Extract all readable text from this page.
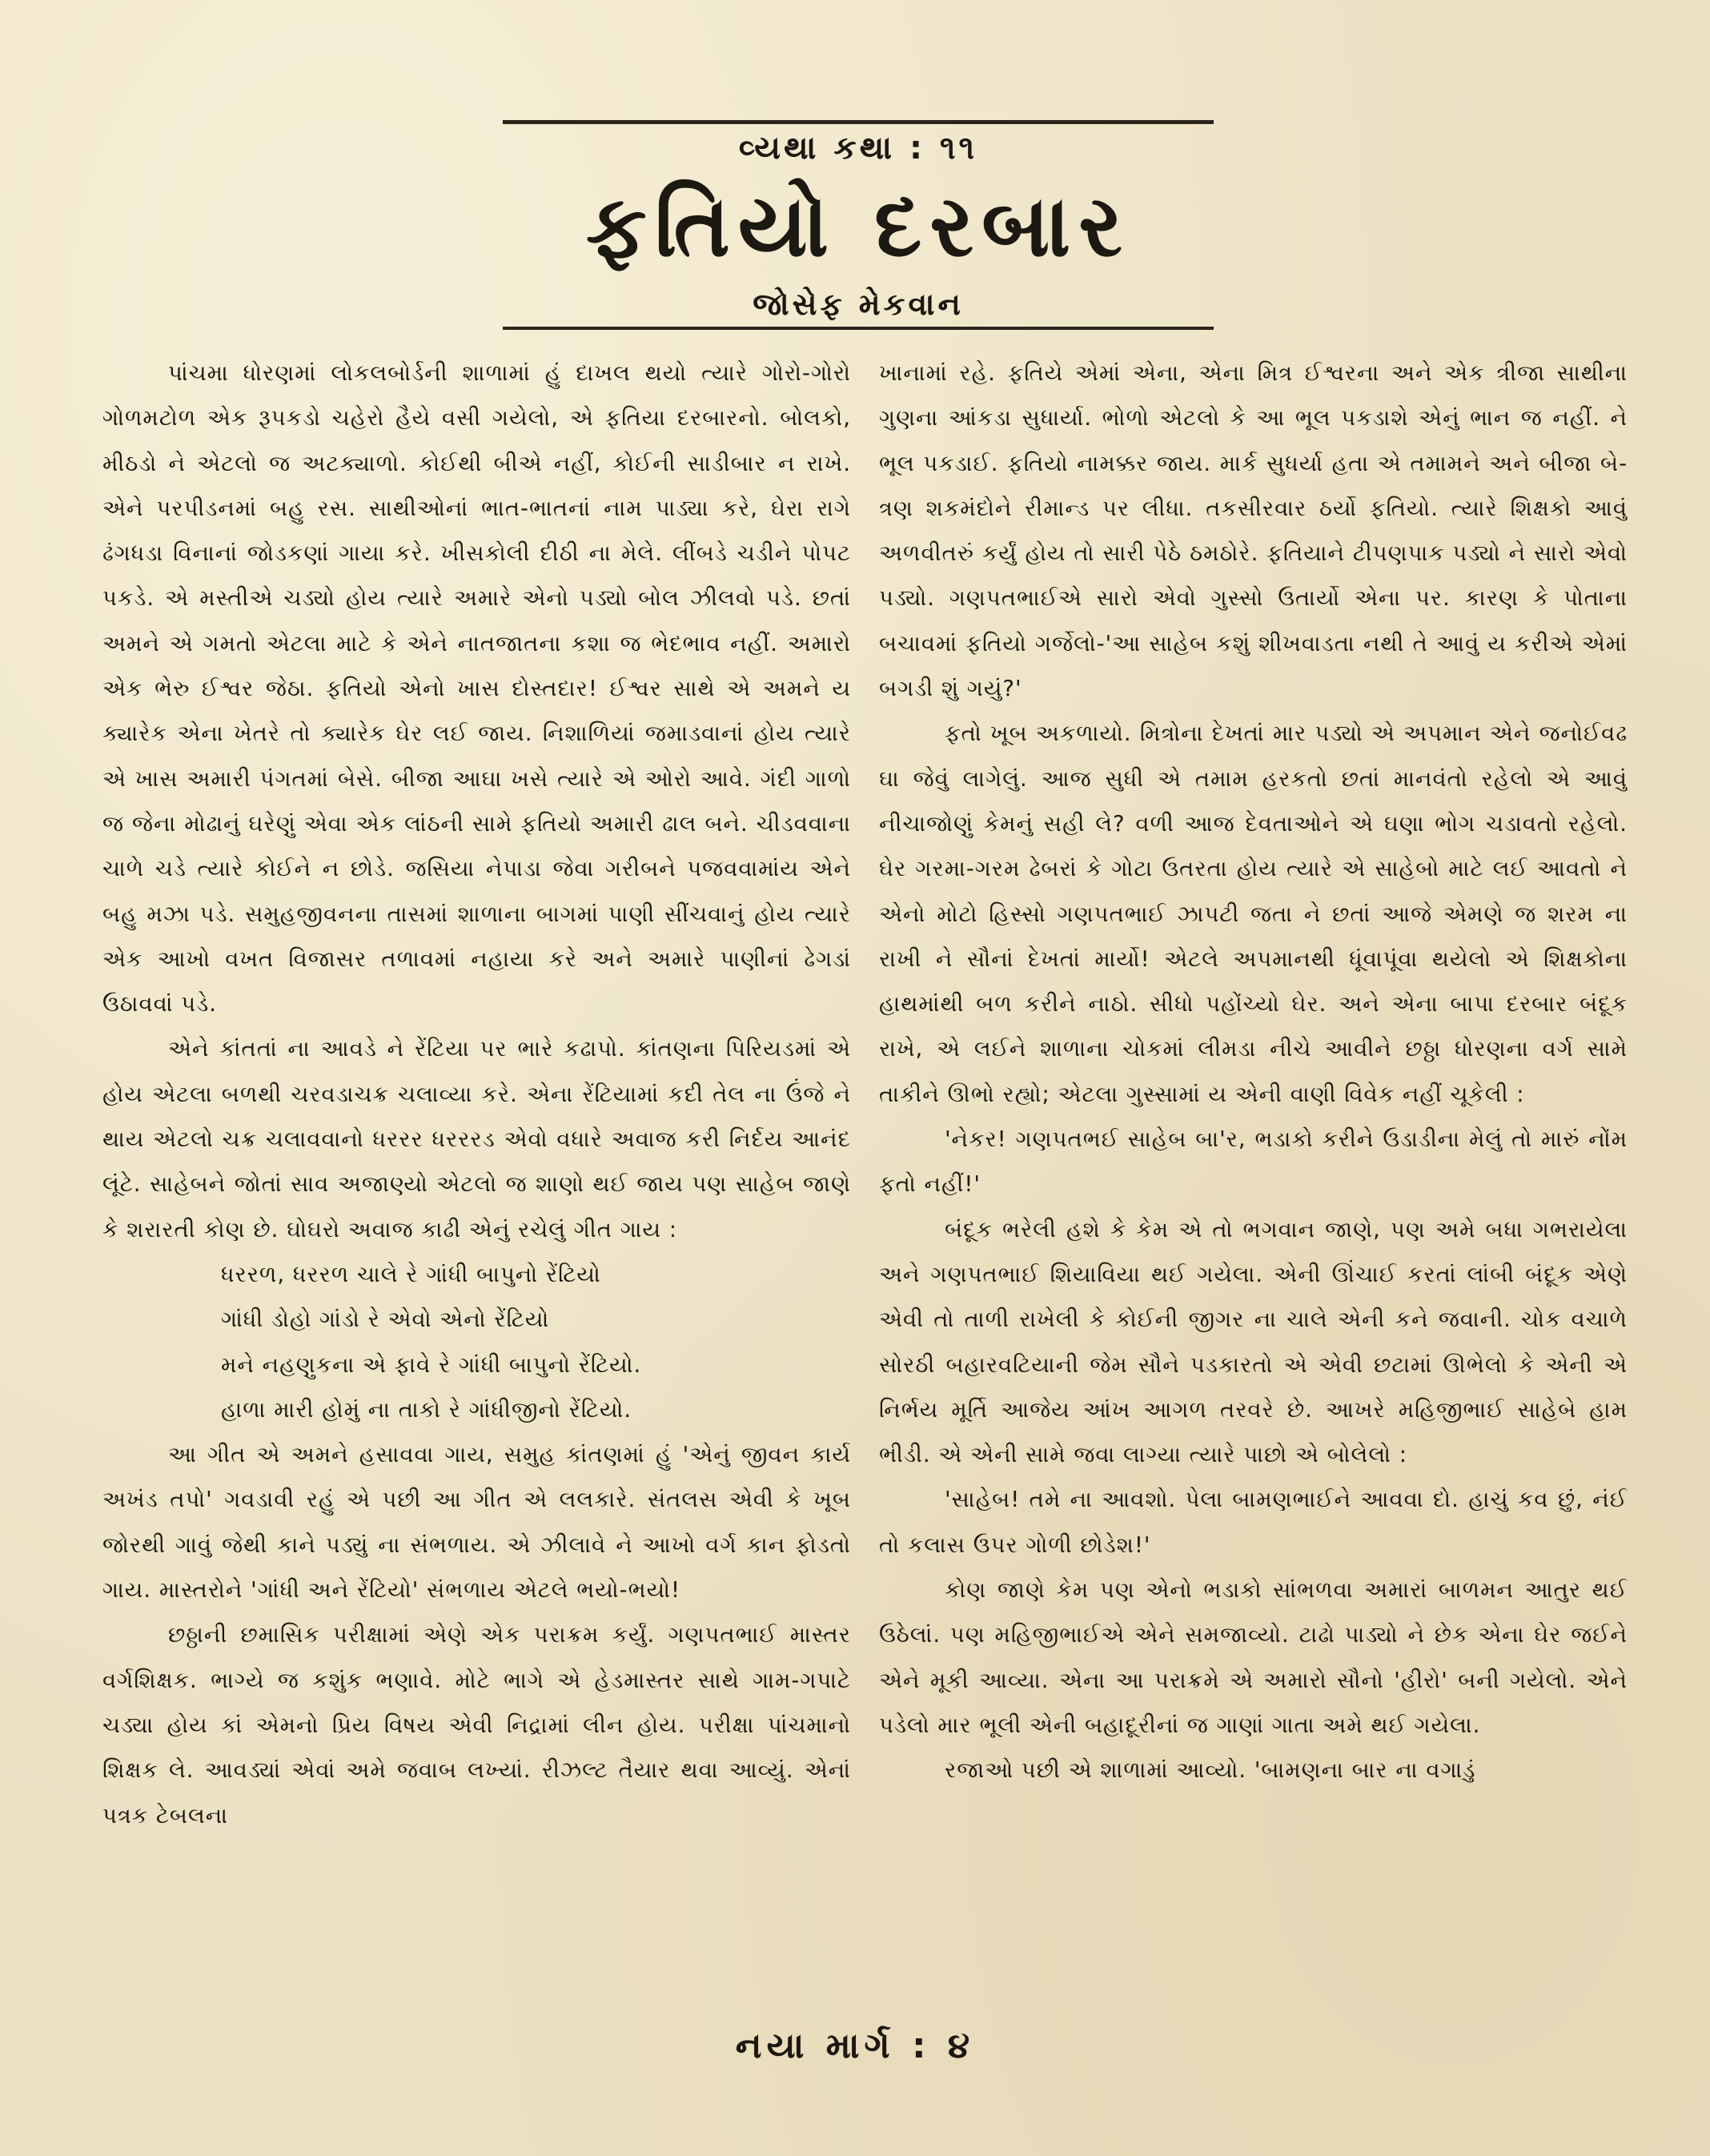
વ્યથા કથા : ૧૧
ફતિયો દરબાર
જોસેફ મેકવાન

પાંચમા ધોરણમાં લોકલબોર્ડની શાળામાં હું દાખલ થયો ત્યારે ગોરો-ગોરો ગોળમટોળ એક રૂપકડો ચહેરો હૈયે વસી ગયેલો, એ ફતિયા દરબારનો. બોલકો, મીઠડો ને એટલો જ અટક્યાળો. કોઈથી બીએ નહીં, કોઈની સાડીબાર ન રાખે. એને પરપીડનમાં બહુ રસ. સાથીઓનાં ભાત-ભાતનાં નામ પાડ્યા કરે, ઘેરા રાગે ઢંગધડા વિનાનાં જોડકણાં ગાયા કરે. ખીસકોલી દીઠી ના મેલે. લીંબડે ચડીને પોપટ પકડે. એ મસ્તીએ ચડ્યો હોય ત્યારે અમારે એનો પડ્યો બોલ ઝીલવો પડે. છતાં અમને એ ગમતો એટલા માટે કે એને નાતજાતના કશા જ ભેદભાવ નહીં. અમારો એક ભેરુ ઈશ્વર જેઠા. ફતિયો એનો ખાસ દોસ્તદાર! ઈશ્વર સાથે એ અમને ય ક્યારેક એના ખેતરે તો ક્યારેક ઘેર લઈ જાય. નિશાળિયાં જમાડવાનાં હોય ત્યારે એ ખાસ અમારી પંગતમાં બેસે. બીજા આઘા ખસે ત્યારે એ ઓરો આવે. ગંદી ગાળો જ જેના મોઢાનું ઘરેણું એવા એક લાંઠની સામે ફતિયો અમારી ઢાલ બને. ચીડવવાના ચાળે ચડે ત્યારે કોઈને ન છોડે. જસિયા નેપાડા જેવા ગરીબને પજવવામાંય એને બહુ મઝા પડે. સમુહજીવનના તાસમાં શાળાના બાગમાં પાણી સીંચવાનું હોય ત્યારે એક આખો વખત વિજાસર તળાવમાં નહાયા કરે અને અમારે પાણીનાં ઢેગડાં ઉઠાવવાં પડે.

એને કાંતતાં ના આવડે ને રેંટિયા પર ભારે કઢાપો. કાંતણના પિરિયડમાં એ હોય એટલા બળથી ચરવડાચક્ર ચલાવ્યા કરે. એના રેંટિયામાં કદી તેલ ના ઉંજે ને થાય એટલો ચક્ર ચલાવવાનો ધરરર ધરરરડ એવો વધારે અવાજ કરી નિર્દય આનંદ લૂંટે. સાહેબને જોતાં સાવ અજાણ્યો એટલો જ શાણો થઈ જાય પણ સાહેબ જાણે કે શરારતી કોણ છે. ઘોઘરો અવાજ કાઢી એનું રચેલું ગીત ગાય :

ધરરળ, ધરરળ ચાલે રે ગાંધી બાપુનો રેંટિયો

ગાંધી ડોહો ગાંડો રે એવો એનો રેંટિયો

મને નહણુકના એ ફાવે રે ગાંધી બાપુનો રેંટિયો.

હાળા મારી હોમું ના તાકો રે ગાંધીજીનો રેંટિયો.

આ ગીત એ અમને હસાવવા ગાય, સમુહ કાંતણમાં હું 'એનું જીવન કાર્ય અખંડ તપો' ગવડાવી રહું એ પછી આ ગીત એ લલકારે. સંતલસ એવી કે ખૂબ જોરથી ગાવું જેથી કાને પડ્યું ના સંભળાય. એ ઝીલાવે ને આખો વર્ગ કાન ફોડતો ગાય. માસ્તરોને 'ગાંધી અને રેંટિયો' સંભળાય એટલે ભયો-ભયો!

છઠ્ઠાની છમાસિક પરીક્ષામાં એણે એક પરાક્રમ કર્યું. ગણપતભાઈ માસ્તર વર્ગશિક્ષક. ભાગ્યે જ કશુંક ભણાવે. મોટે ભાગે એ હેડમાસ્તર સાથે ગામ-ગપાટે ચડ્યા હોય કાં એમનો પ્રિય વિષય એવી નિદ્રામાં લીન હોય. પરીક્ષા પાંચમાનો શિક્ષક લે. આવડ્યાં એવાં અમે જવાબ લખ્યાં. રીઝલ્ટ તૈયાર થવા આવ્યું. એનાં પત્રક ટેબલના

ખાનામાં રહે. ફતિયે એમાં એના, એના મિત્ર ઈશ્વરના અને એક ત્રીજા સાથીના ગુણના આંકડા સુધાર્યા. ભોળો એટલો કે આ ભૂલ પકડાશે એનું ભાન જ નહીં. ને ભૂલ પકડાઈ. ફતિયો નામક્કર જાય. માર્ક સુધર્યા હતા એ તમામને અને બીજા બે-ત્રણ શકમંદોને રીમાન્ડ પર લીધા. તકસીરવાર ઠર્યો ફતિયો. ત્યારે શિક્ષકો આવું અળવીતરું કર્યું હોય તો સારી પેઠે ઠમઠોરે. ફતિયાને ટીપણપાક પડ્યો ને સારો એવો પડ્યો. ગણપતભાઈએ સારો એવો ગુસ્સો ઉતાર્યો એના પર. કારણ કે પોતાના બચાવમાં ફતિયો ગર્જેલો-'આ સાહેબ કશું શીખવાડતા નથી તે આવું ય કરીએ એમાં બગડી શું ગયું?'

ફતો ખૂબ અકળાયો. મિત્રોના દેખતાં માર પડ્યો એ અપમાન એને જનોઈવઢ ઘા જેવું લાગેલું. આજ સુધી એ તમામ હરકતો છતાં માનવંતો રહેલો એ આવું નીચાજોણું કેમનું સહી લે? વળી આજ દેવતાઓને એ ઘણા ભોગ ચડાવતો રહેલો. ઘેર ગરમા-ગરમ ઢેબરાં કે ગોટા ઉતરતા હોય ત્યારે એ સાહેબો માટે લઈ આવતો ને એનો મોટો હિસ્સો ગણપતભાઈ ઝાપટી જતા ને છતાં આજે એમણે જ શરમ ના રાખી ને સૌનાં દેખતાં માર્યો! એટલે અપમાનથી ધૂંવાપૂંવા થયેલો એ શિક્ષકોના હાથમાંથી બળ કરીને નાઠો. સીધો પહોંચ્યો ઘેર. અને એના બાપા દરબાર બંદૂક રાખે, એ લઈને શાળાના ચોકમાં લીમડા નીચે આવીને છઠ્ઠા ધોરણના વર્ગ સામે તાકીને ઊભો રહ્યો; એટલા ગુસ્સામાં ય એની વાણી વિવેક નહીં ચૂકેલી :

'નેકર! ગણપતભઈ સાહેબ બા'ર, ભડાકો કરીને ઉડાડીના મેલું તો મારું નોંમ ફતો નહીં!'

બંદૂક ભરેલી હશે કે કેમ એ તો ભગવાન જાણે, પણ અમે બધા ગભરાયેલા અને ગણપતભાઈ શિયાવિયા થઈ ગયેલા. એની ઊંચાઈ કરતાં લાંબી બંદૂક એણે એવી તો તાળી રાખેલી કે કોઈની જીગર ના ચાલે એની કને જવાની. ચોક વચાળે સોરઠી બહારવટિયાની જેમ સૌને પડકારતો એ એવી છટામાં ઊભેલો કે એની એ નિર્ભય મૂર્તિ આજેય આંખ આગળ તરવરે છે. આખરે મહિજીભાઈ સાહેબે હામ ભીડી. એ એની સામે જવા લાગ્યા ત્યારે પાછો એ બોલેલો :

'સાહેબ! તમે ના આવશો. પેલા બામણભાઈને આવવા દો. હાચું કવ છું, નંઈ તો કલાસ ઉપર ગોળી છોડેશ!'

કોણ જાણે કેમ પણ એનો ભડાકો સાંભળવા અમારાં બાળમન આતુર થઈ ઉઠેલાં. પણ મહિજીભાઈએ એને સમજાવ્યો. ટાઢો પાડ્યો ને છેક એના ઘેર જઈને એને મૂકી આવ્યા. એના આ પરાક્રમે એ અમારો સૌનો 'હીરો' બની ગયેલો. એને પડેલો માર ભૂલી એની બહાદૂરીનાં જ ગાણાં ગાતા અમે થઈ ગયેલા.

રજાઓ પછી એ શાળામાં આવ્યો. 'બામણના બાર ના વગાડું

નયા માર્ગ : ૪
